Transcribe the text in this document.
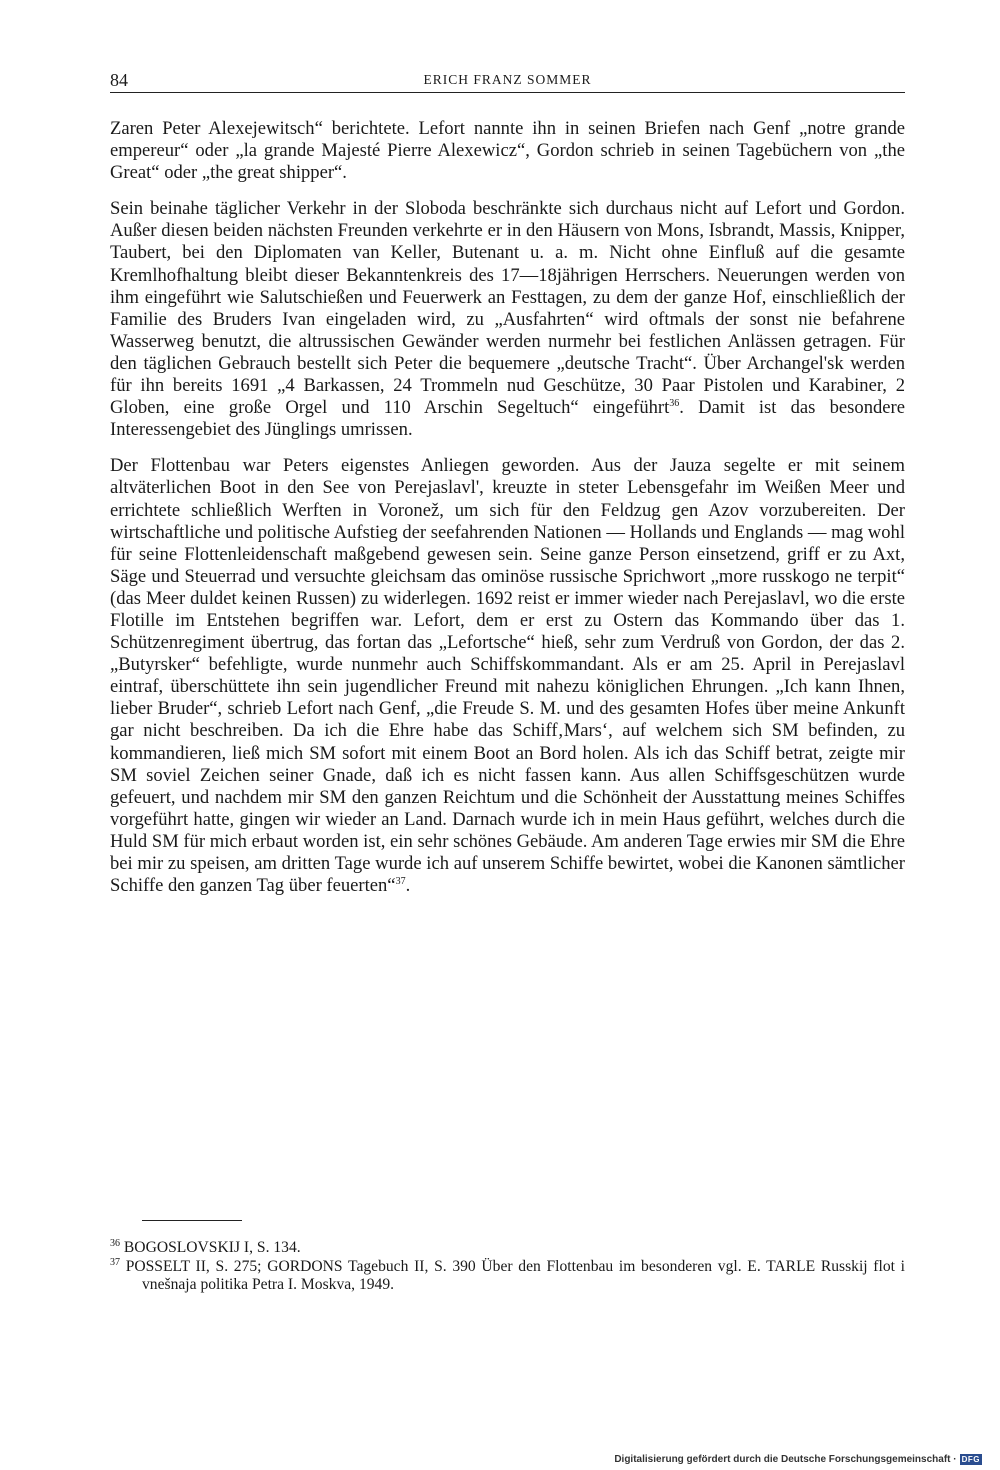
84	ERICH FRANZ SOMMER

Zaren Peter Alexejewitsch“ berichtete. Lefort nannte ihn in seinen Briefen nach Genf „notre grande empereur“ oder „la grande Majesté Pierre Alexewicz“, Gordon schrieb in seinen Tagebüchern von „the Great“ oder „the great shipper“.

Sein beinahe täglicher Verkehr in der Sloboda beschränkte sich durchaus nicht auf Lefort und Gordon. Außer diesen beiden nächsten Freunden verkehrte er in den Häusern von Mons, Isbrandt, Massis, Knipper, Taubert, bei den Diplomaten van Keller, Butenant u. a. m. Nicht ohne Einfluß auf die gesamte Kremlhofhaltung bleibt dieser Bekanntenkreis des 17—18jährigen Herrschers. Neuerungen werden von ihm eingeführt wie Salutschießen und Feuerwerk an Festtagen, zu dem der ganze Hof, einschließlich der Familie des Bruders Ivan eingeladen wird, zu „Ausfahrten“ wird oftmals der sonst nie befahrene Wasserweg benutzt, die altrussischen Gewänder werden nurmehr bei festlichen Anlässen getragen. Für den täglichen Gebrauch bestellt sich Peter die bequemere „deutsche Tracht“. Über Archangel'sk werden für ihn bereits 1691 „4 Barkassen, 24 Trommeln nud Geschütze, 30 Paar Pistolen und Karabiner, 2 Globen, eine große Orgel und 110 Arschin Segeltuch“ eingeführt$^{36}$. Damit ist das besondere Interessengebiet des Jünglings umrissen.

Der Flottenbau war Peters eigenstes Anliegen geworden. Aus der Jauza segelte er mit seinem altväterlichen Boot in den See von Perejaslavl', kreuzte in steter Lebensgefahr im Weißen Meer und errichtete schließlich Werften in Voronež, um sich für den Feldzug gen Azov vorzubereiten. Der wirtschaftliche und politische Aufstieg der seefahrenden Nationen — Hollands und Englands — mag wohl für seine Flottenleidenschaft maßgebend gewesen sein. Seine ganze Person einsetzend, griff er zu Axt, Säge und Steuerrad und versuchte gleichsam das ominöse russische Sprichwort „more russkogo ne terpit“ (das Meer duldet keinen Russen) zu widerlegen. 1692 reist er immer wieder nach Perejaslavl, wo die erste Flotille im Entstehen begriffen war. Lefort, dem er erst zu Ostern das Kommando über das 1. Schützenregiment übertrug, das fortan das „Lefortsche“ hieß, sehr zum Verdruß von Gordon, der das 2. „Butyrsker“ befehligte, wurde nunmehr auch Schiffskommandant. Als er am 25. April in Perejaslavl eintraf, überschüttete ihn sein jugendlicher Freund mit nahezu königlichen Ehrungen. „Ich kann Ihnen, lieber Bruder“, schrieb Lefort nach Genf, „die Freude S. M. und des gesamten Hofes über meine Ankunft gar nicht beschreiben. Da ich die Ehre habe das Schiff‚Mars‘, auf welchem sich SM befinden, zu kommandieren, ließ mich SM sofort mit einem Boot an Bord holen. Als ich das Schiff betrat, zeigte mir SM soviel Zeichen seiner Gnade, daß ich es nicht fassen kann. Aus allen Schiffsgeschützen wurde gefeuert, und nachdem mir SM den ganzen Reichtum und die Schönheit der Ausstattung meines Schiffes vorgeführt hatte, gingen wir wieder an Land. Darnach wurde ich in mein Haus geführt, welches durch die Huld SM für mich erbaut worden ist, ein sehr schönes Gebäude. Am anderen Tage erwies mir SM die Ehre bei mir zu speisen, am dritten Tage wurde ich auf unserem Schiffe bewirtet, wobei die Kanonen sämtlicher Schiffe den ganzen Tag über feuerten“$^{37}$.

$^{36}$ BOGOSLOVSKIJ I, S. 134.

$^{37}$ POSSELT II, S. 275; GORDONS Tagebuch II, S. 390 Über den Flottenbau im besonderen vgl. E. TARLE Russkij flot i vnešnaja politika Petra I. Moskva, 1949.

Digitalisierung gefördert durch die Deutsche Forschungsgemeinschaft · DFG
